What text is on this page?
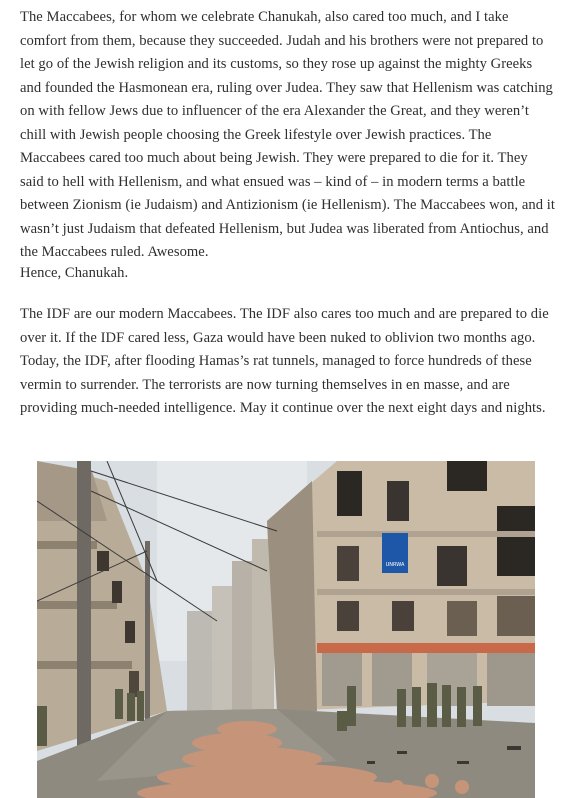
The Maccabees, for whom we celebrate Chanukah, also cared too much, and I take comfort from them, because they succeeded. Judah and his brothers were not prepared to let go of the Jewish religion and its customs, so they rose up against the mighty Greeks and founded the Hasmonean era, ruling over Judea. They saw that Hellenism was catching on with fellow Jews due to influencer of the era Alexander the Great, and they weren’t chill with Jewish people choosing the Greek lifestyle over Jewish practices. The Maccabees cared too much about being Jewish. They were prepared to die for it. They said to hell with Hellenism, and what ensued was – kind of – in modern terms a battle between Zionism (ie Judaism) and Antizionism (ie Hellenism). The Maccabees won, and it wasn’t just Judaism that defeated Hellenism, but Judea was liberated from Antiochus, and the Maccabees ruled. Awesome.

Hence, Chanukah.

The IDF are our modern Maccabees. The IDF also cares too much and are prepared to die over it. If the IDF cared less, Gaza would have been nuked to oblivion two months ago. Today, the IDF, after flooding Hamas’s rat tunnels, managed to force hundreds of these vermin to surrender. The terrorists are now turning themselves in en masse, and are providing much-needed intelligence. May it continue over the next eight days and nights.

UNRWA
